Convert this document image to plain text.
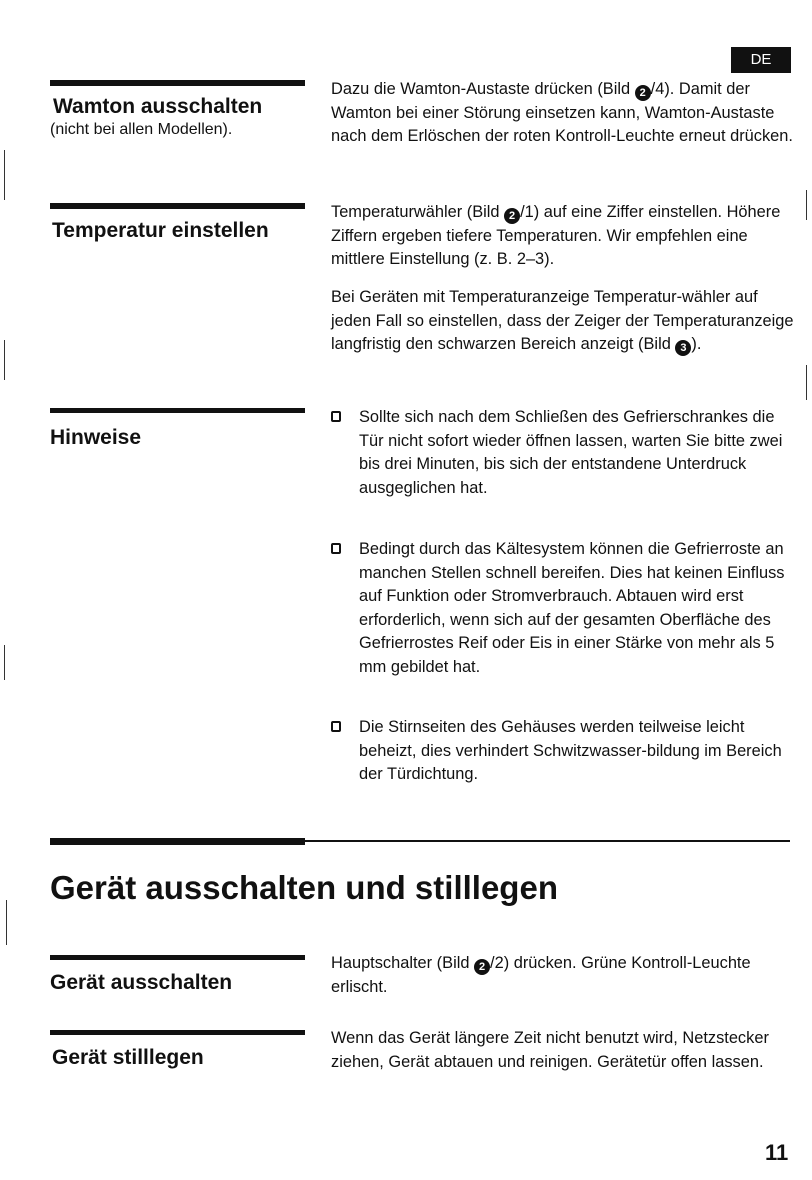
DE
Wamton ausschalten
(nicht bei allen Modellen).

Dazu die Wamton-Austaste drücken (Bild 2 /4). Damit der Wamton bei einer Störung einsetzen kann, Wamton-Austaste nach dem Erlöschen der roten Kontroll-Leuchte erneut drücken.

Temperatur einstellen

Temperaturwähler (Bild 2 /1) auf eine Ziffer einstellen. Höhere Ziffern ergeben tiefere Temperaturen. Wir empfehlen eine mittlere Einstellung (z. B. 2–3).

Bei Geräten mit Temperaturanzeige Temperatur-wähler auf jeden Fall so einstellen, dass der Zeiger der Temperaturanzeige langfristig den schwarzen Bereich anzeigt (Bild 3 ).

Hinweise
Sollte sich nach dem Schließen des Gefrierschrankes die Tür nicht sofort wieder öffnen lassen, warten Sie bitte zwei bis drei Minuten, bis sich der entstandene Unterdruck ausgeglichen hat.
Bedingt durch das Kältesystem können die Gefrierroste an manchen Stellen schnell bereifen. Dies hat keinen Einfluss auf Funktion oder Stromverbrauch. Abtauen wird erst erforderlich, wenn sich auf der gesamten Oberfläche des Gefrierrostes Reif oder Eis in einer Stärke von mehr als 5 mm gebildet hat.
Die Stirnseiten des Gehäuses werden teilweise leicht beheizt, dies verhindert Schwitzwasser-bildung im Bereich der Türdichtung.
Gerät ausschalten und stilllegen
Gerät ausschalten

Hauptschalter (Bild 2 /2) drücken. Grüne Kontroll-Leuchte erlischt.

Gerät stilllegen

Wenn das Gerät längere Zeit nicht benutzt wird, Netzstecker ziehen, Gerät abtauen und reinigen. Gerätetür offen lassen.

11
